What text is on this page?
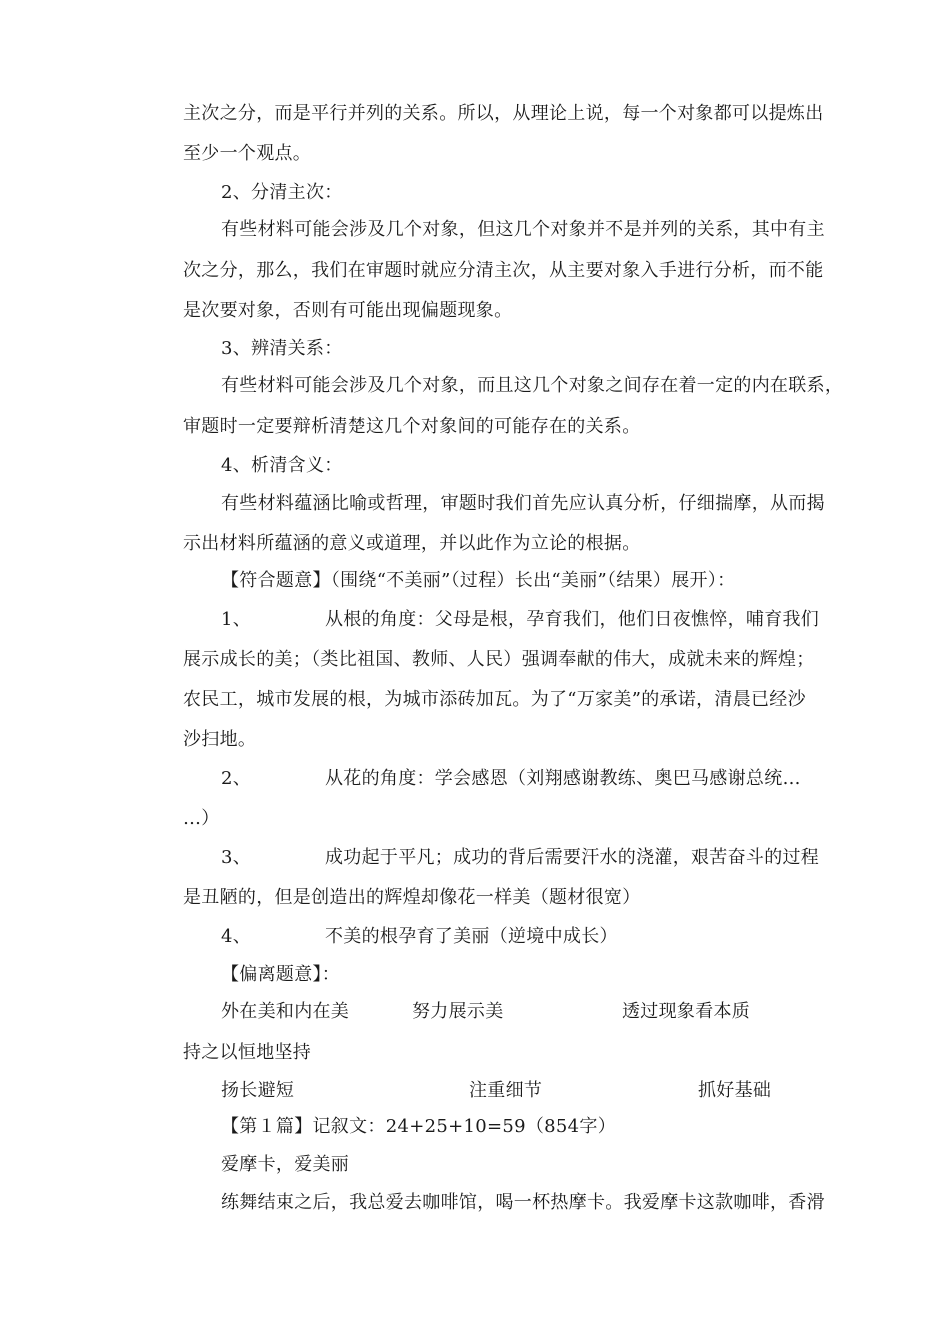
主次之分，而是平行并列的关系。所以，从理论上说，每一个对象都可以提炼出
至少一个观点。
2、分清主次：
有些材料可能会涉及几个对象，但这几个对象并不是并列的关系，其中有主
次之分，那么，我们在审题时就应分清主次，从主要对象入手进行分析，而不能
是次要对象，否则有可能出现偏题现象。
3、辨清关系：
有些材料可能会涉及几个对象，而且这几个对象之间存在着一定的内在联系，
审题时一定要辩析清楚这几个对象间的可能存在的关系。
4、析清含义：
有些材料蕴涵比喻或哲理，审题时我们首先应认真分析，仔细揣摩，从而揭
示出材料所蕴涵的意义或道理，并以此作为立论的根据。
【符合题意】（围绕“不美丽”（过程）长出“美丽”（结果）展开）：
1、	从根的角度：父母是根，孕育我们，他们日夜憔悴，哺育我们
展示成长的美；（类比祖国、教师、人民）强调奉献的伟大，成就未来的辉煌；
农民工，城市发展的根，为城市添砖加瓦。为了“万家美”的承诺，清晨已经沙
沙扫地。
2、	从花的角度：学会感恩（刘翔感谢教练、奥巴马感谢总统…
…）
3、	成功起于平凡；成功的背后需要汗水的浇灌，艰苦奋斗的过程
是丑陋的，但是创造出的辉煌却像花一样美（题材很宽）
4、	不美的根孕育了美丽（逆境中成长）
【偏离题意】：
外在美和内在美	努力展示美	透过现象看本质
持之以恒地坚持
扬长避短	注重细节	抓好基础
【第１篇】记叙文：24+25+10=59（854字）
爱摩卡，爱美丽
练舞结束之后，我总爱去咖啡馆，喝一杯热摩卡。我爱摩卡这款咖啡，香滑
